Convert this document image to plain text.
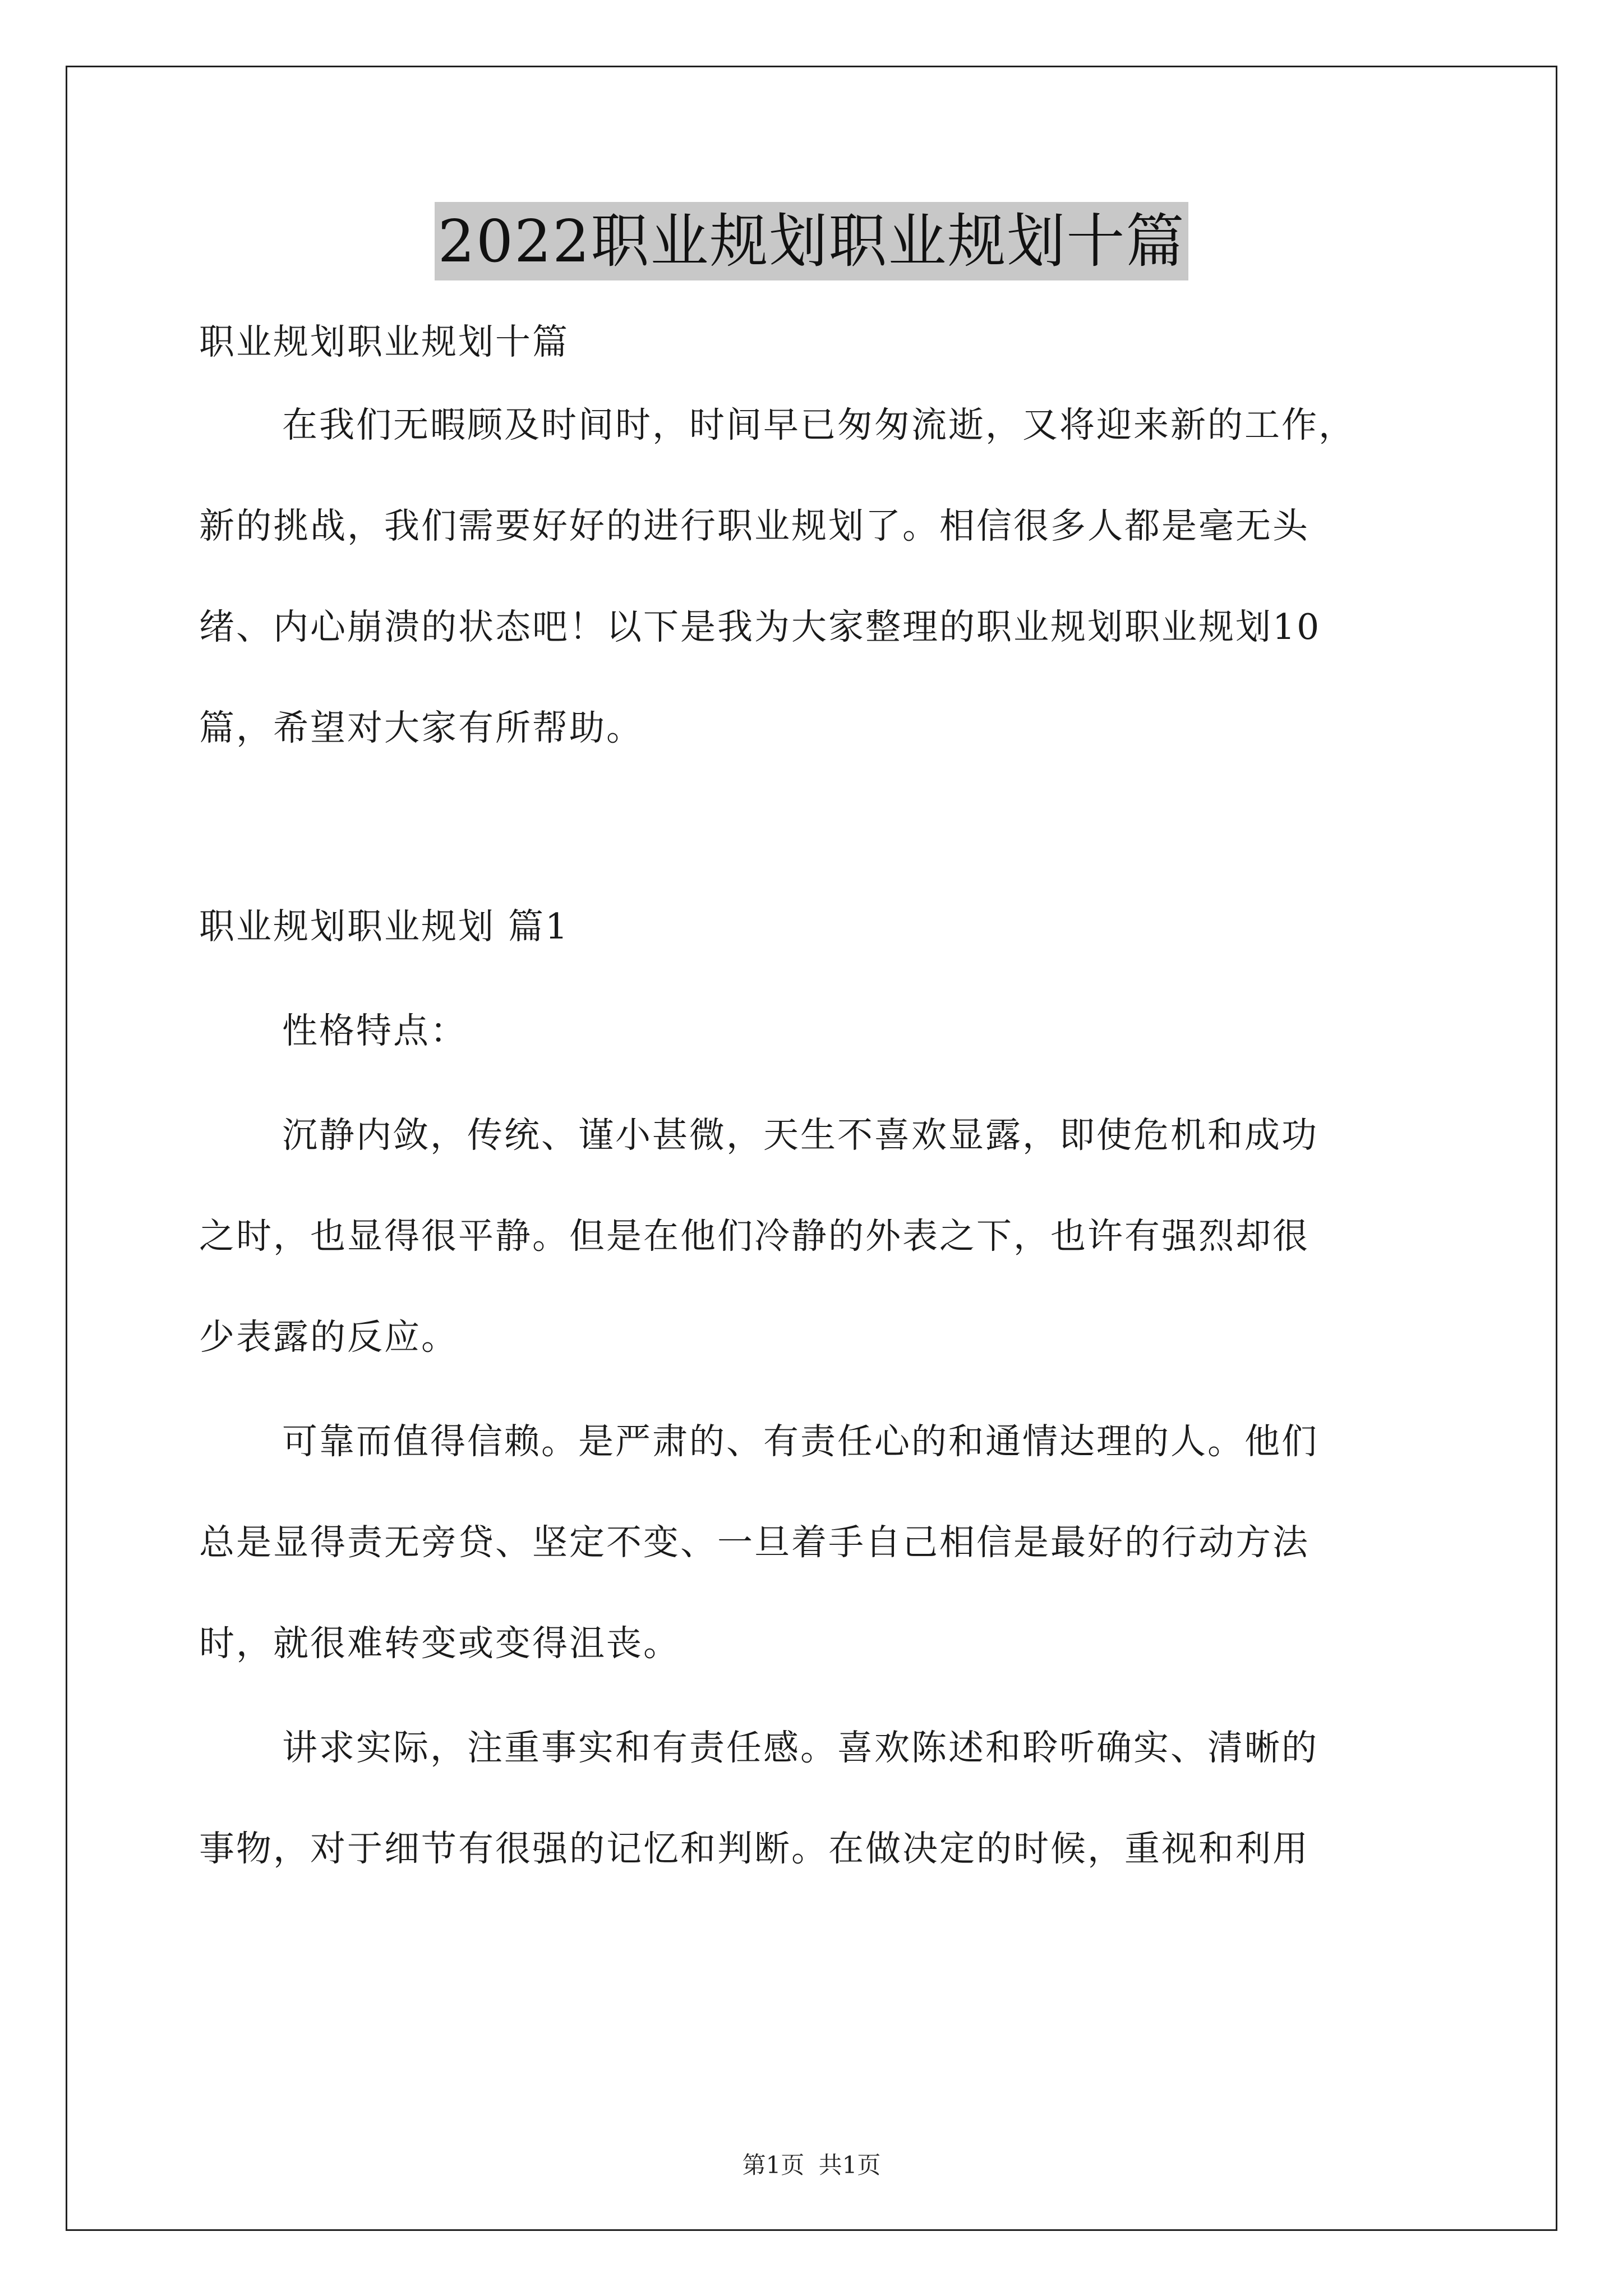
2022职业规划职业规划十篇

职业规划职业规划十篇

在我们无暇顾及时间时，时间早已匆匆流逝，又将迎来新的工作，

新的挑战，我们需要好好的进行职业规划了。相信很多人都是毫无头

绪、内心崩溃的状态吧！以下是我为大家整理的职业规划职业规划10

篇，希望对大家有所帮助。

职业规划职业规划 篇1

性格特点：

沉静内敛，传统、谨小甚微，天生不喜欢显露，即使危机和成功

之时，也显得很平静。但是在他们冷静的外表之下，也许有强烈却很

少表露的反应。

可靠而值得信赖。是严肃的、有责任心的和通情达理的人。他们

总是显得责无旁贷、坚定不变、一旦着手自己相信是最好的行动方法

时，就很难转变或变得沮丧。

讲求实际，注重事实和有责任感。喜欢陈述和聆听确实、清晰的

事物，对于细节有很强的记忆和判断。在做决定的时候，重视和利用

第1页 共1页
